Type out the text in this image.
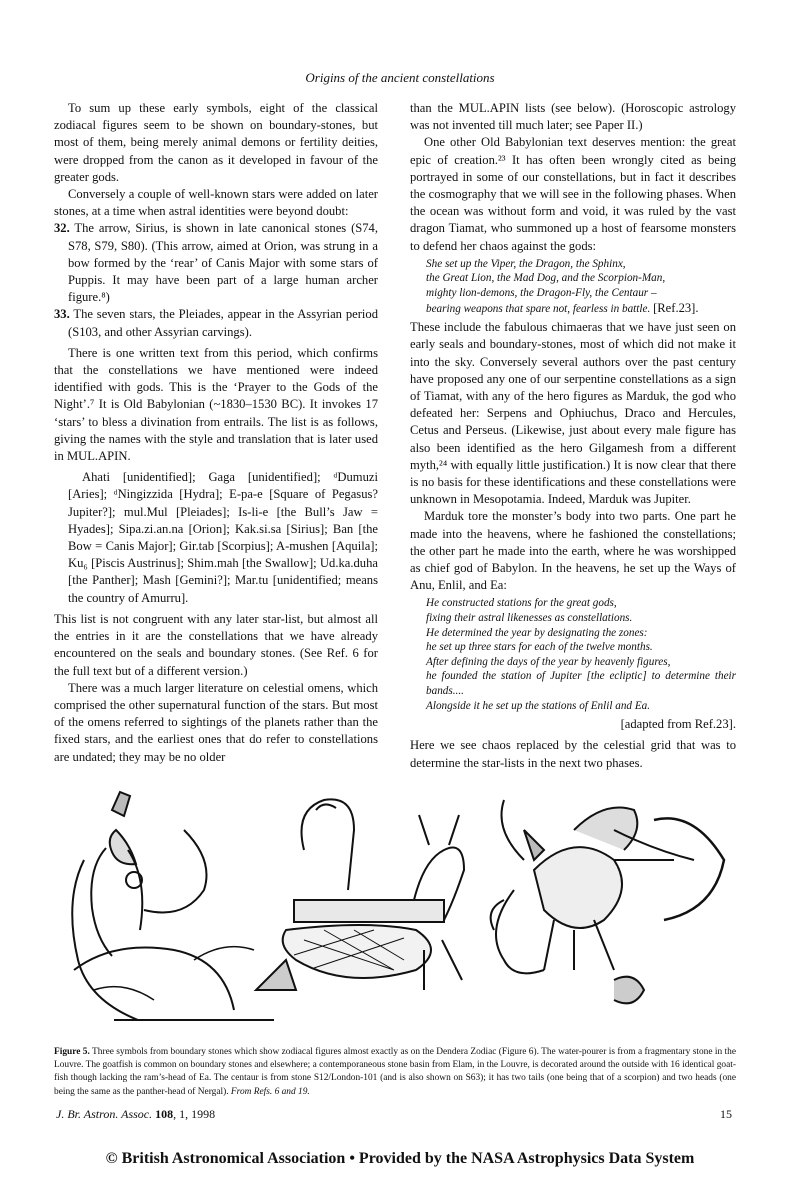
Origins of the ancient constellations

To sum up these early symbols, eight of the classical zodiacal figures seem to be shown on boundary-stones, but most of them, being merely animal demons or fertility deities, were dropped from the canon as it developed in favour of the greater gods.

Conversely a couple of well-known stars were added on later stones, at a time when astral identities were beyond doubt:

32. The arrow, Sirius, is shown in late canonical stones (S74, S78, S79, S80). (This arrow, aimed at Orion, was strung in a bow formed by the ‘rear’ of Canis Major with some stars of Puppis. It may have been part of a large human archer figure.⁸)

33. The seven stars, the Pleiades, appear in the Assyrian period (S103, and other Assyrian carvings).

There is one written text from this period, which confirms that the constellations we have mentioned were indeed identified with gods. This is the ‘Prayer to the Gods of the Night’.⁷ It is Old Babylonian (~1830–1530 BC). It invokes 17 ‘stars’ to bless a divination from entrails. The list is as follows, giving the names with the style and translation that is later used in MUL.APIN.

Ahati [unidentified]; Gaga [unidentified]; ᵈDumuzi [Aries]; ᵈNingizzida [Hydra]; E-pa-e [Square of Pegasus? Jupiter?]; mul.Mul [Pleiades]; Is-li-e [the Bull’s Jaw = Hyades]; Sipa.zi.an.na [Orion]; Kak.si.sa [Sirius]; Ban [the Bow = Canis Major]; Gir.tab [Scorpius]; A-mushen [Aquila]; Ku₆ [Piscis Austrinus]; Shim.mah [the Swallow]; Ud.ka.duha [the Panther]; Mash [Gemini?]; Mar.tu [unidentified; means the country of Amurru].

This list is not congruent with any later star-list, but almost all the entries in it are the constellations that we have already encountered on the seals and boundary stones. (See Ref. 6 for the full text but of a different version.)

There was a much larger literature on celestial omens, which comprised the other supernatural function of the stars. But most of the omens referred to sightings of the planets rather than the fixed stars, and the earliest ones that do refer to constellations are undated; they may be no older

than the MUL.APIN lists (see below). (Horoscopic astrology was not invented till much later; see Paper II.)

One other Old Babylonian text deserves mention: the great epic of creation.²³ It has often been wrongly cited as being portrayed in some of our constellations, but in fact it describes the cosmography that we will see in the following phases. When the ocean was without form and void, it was ruled by the vast dragon Tiamat, who summoned up a host of fearsome monsters to defend her chaos against the gods:

She set up the Viper, the Dragon, the Sphinx,
the Great Lion, the Mad Dog, and the Scorpion-Man,
mighty lion-demons, the Dragon-Fly, the Centaur –
bearing weapons that spare not, fearless in battle. [Ref.23].

These include the fabulous chimaeras that we have just seen on early seals and boundary-stones, most of which did not make it into the sky. Conversely several authors over the past century have proposed any one of our serpentine constellations as a sign of Tiamat, with any of the hero figures as Marduk, the god who defeated her: Serpens and Ophiuchus, Draco and Hercules, Cetus and Perseus. (Likewise, just about every male figure has also been identified as the hero Gilgamesh from a different myth,²⁴ with equally little justification.) It is now clear that there is no basis for these identifications and these constellations were unknown in Mesopotamia. Indeed, Marduk was Jupiter.

Marduk tore the monster’s body into two parts. One part he made into the heavens, where he fashioned the constellations; the other part he made into the earth, where he was worshipped as chief god of Babylon. In the heavens, he set up the Ways of Anu, Enlil, and Ea:

He constructed stations for the great gods,
fixing their astral likenesses as constellations.
He determined the year by designating the zones:
he set up three stars for each of the twelve months.
After defining the days of the year by heavenly figures,
he founded the station of Jupiter [the ecliptic] to determine their bands....
Alongside it he set up the stations of Enlil and Ea.

[adapted from Ref.23].

Here we see chaos replaced by the celestial grid that was to determine the star-lists in the next two phases.

Figure 5. Three symbols from boundary stones which show zodiacal figures almost exactly as on the Dendera Zodiac (Figure 6). The water-pourer is from a fragmentary stone in the Louvre. The goatfish is common on boundary stones and elsewhere; a contemporaneous stone basin from Elam, in the Louvre, is decorated around the outside with 16 identical goat-fish though lacking the ram’s-head of Ea. The centaur is from stone S12/London-101 (and is also shown on S63); it has two tails (one being that of a scorpion) and two heads (one being the same as the panther-head of Nergal). From Refs. 6 and 19.
J. Br. Astron. Assoc. 108, 1, 1998	15
© British Astronomical Association • Provided by the NASA Astrophysics Data System
